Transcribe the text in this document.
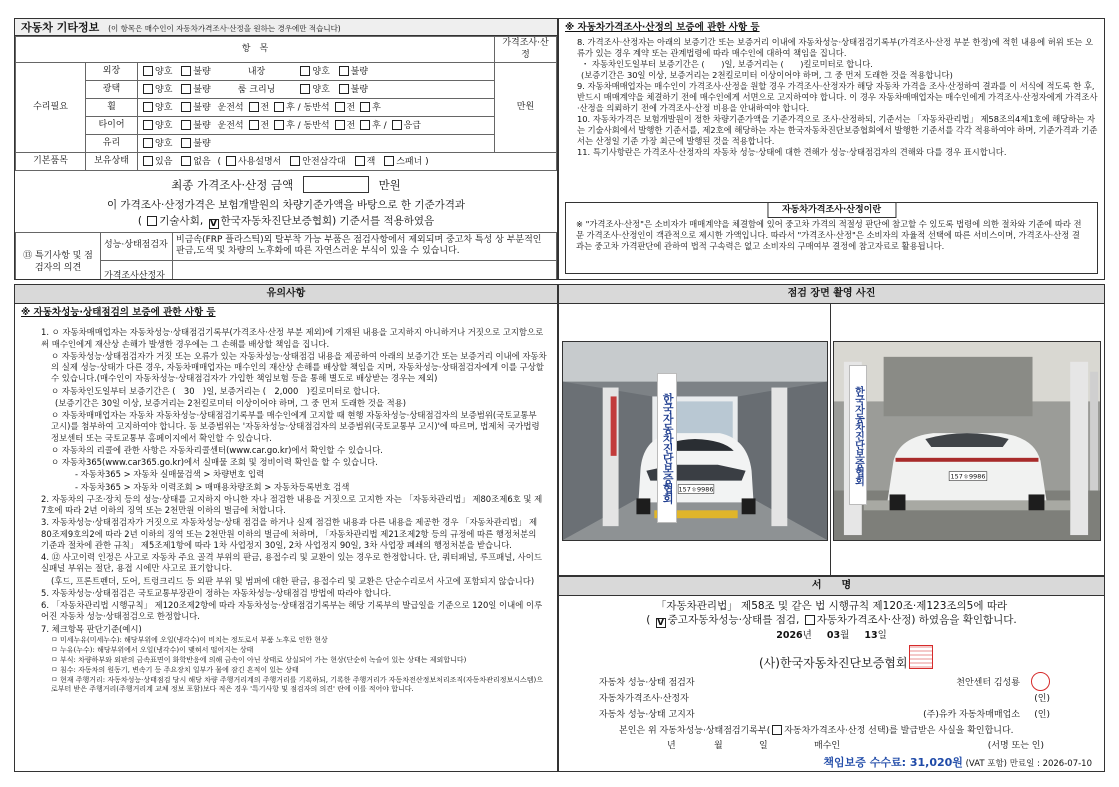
자동차 기타정보 (이 항목은 매수인이 자동차가격조사·산정을 원하는 경우에만 적습니다)
항　목			가격조사·산정
수리필요	외장	양호 불량 내장 양호 불량	만원
	광택	양호 불량 룸 크리닝 양호 불량	
	휠	양호 불량 운전석 전 후 / 동반석 전 후	
	타이어	양호 불량 운전석 전 후 / 동반석 전 후 / 응급	
	유리	양호 불량	
기본품목	보유상태	있음 없음 ( 사용설명서 안전삼각대 잭 스패너 )	
최종 가격조사·산정 금액	만원
이 가격조사·산정가격은 보험개발원의 차량기준가액을 바탕으로 한 기준가격과
( 기술사회, V 한국자동차진단보증협회) 기준서를 적용하였음
⑬ 특기사항 및 점검자의 의견	성능·상태점검자	비금속(FRP 플라스틱)외 탈부착 가능 부품은 점검사항에서 제외되며 중고차 특성 상 부분적인 판금,도색 및 차량의 노후화에 따른 자연스러운 부식이 있을 수 있습니다.
	가격조사산정자	
※ 자동차가격조사·산정의 보증에 관한 사항 등

8. 가격조사·산정자는 아래의 보증기간 또는 보증거리 이내에 자동차성능·상태점검기록부(가격조사·산정 부분 한정)에 적힌 내용에 허위 또는 오류가 있는 경우 계약 또는 관계법령에 따라 매수인에 대하여 책임을 집니다.

・ 자동차인도일부터 보증기간은 (　　)일, 보증거리는 (　　)킬로미터로 합니다.

(보증기간은 30일 이상, 보증거리는 2천킬로미터 이상이어야 하며, 그 중 먼저 도래한 것을 적용합니다)

9. 자동차매매업자는 매수인이 가격조사·산정을 원할 경우 가격조사·산정자가 해당 자동차 가격을 조사·산정하여 결과를 이 서식에 적도록 한 후, 반드시 매매계약을 체결하기 전에 매수인에게 서면으로 고지하여야 합니다. 이 경우 자동차매매업자는 매수인에게 가격조사·산정자에게 가격조사·산정을 의뢰하기 전에 가격조사·산정 비용을 안내하여야 합니다.

10. 자동차가격은 보험개발원이 정한 차량기준가액을 기준가격으로 조사·산정하되, 기준서는 「자동차관리법」 제58조의4제1호에 해당하는 자는 기술사회에서 발행한 기준서를, 제2호에 해당하는 자는 한국자동차진단보증협회에서 발행한 기준서를 각각 적용하여야 하며, 기준가격과 기준서는 산정일 기준 가장 최근에 발행된 것을 적용합니다.

11. 특기사항란은 가격조사·산정자의 자동차 성능·상태에 대한 견해가 성능·상태점검자의 견해와 다를 경우 표시합니다.

자동차가격조사·산정이란
※ "가격조사·산정"은 소비자가 매매계약을 체결함에 있어 중고차 가격의 적절성 판단에 참고할 수 있도록 법령에 의한 절차와 기준에 따라 전문 가격조사·산정인이 객관적으로 제시한 가액입니다. 따라서 "가격조사·산정"은 소비자의 자율적 선택에 따른 서비스이며, 가격조사·산정 결과는 중고차 가격판단에 관하여 법적 구속력은 없고 소비자의 구매여부 결정에 참고자료로 활용됩니다.
유의사항
※ 자동차성능·상태점검의 보증에 관한 사항 등

1. ㅇ 자동차매매업자는 자동차성능·상태점검기록부(가격조사·산정 부분 제외)에 기재된 내용을 고지하지 아니하거나 거짓으로 고지함으로써 매수인에게 재산상 손해가 발생한 경우에는 그 손해를 배상할 책임을 집니다.

ㅇ 자동차성능·상태점검자가 거짓 또는 오류가 있는 자동차성능·상태점검 내용을 제공하여 아래의 보증기간 또는 보증거리 이내에 자동차의 실제 성능·상태가 다른 경우, 자동차매매업자는 매수인의 재산상 손해를 배상할 책임을 지며, 자동차성능·상태점검자에게 이를 구상할 수 있습니다.(매수인이 자동차성능·상태점검자가 가입한 책임보험 등을 통해 별도로 배상받는 경우는 제외)

ㅇ 자동차인도일부터 보증기간은 (　30　)일, 보증거리는 (　2,000　)킬로미터로 합니다.

(보증기간은 30일 이상, 보증거리는 2천킬로미터 이상이어야 하며, 그 중 먼저 도래한 것을 적용)

ㅇ 자동차매매업자는 자동차 자동차성능·상태점검기록부를 매수인에게 고지할 때 현행 자동차성능·상태점검자의 보증범위(국토교통부 고시)를 첨부하여 고지하여야 합니다. 동 보증범위는 '자동차성능·상태점검자의 보증범위(국토교통부 고시)'에 따르며, 법제처 국가법령정보센터 또는 국토교통부 홈페이지에서 확인할 수 있습니다.

ㅇ 자동차의 리콜에 관한 사항은 자동차리콜센터(www.car.go.kr)에서 확인할 수 있습니다.

ㅇ 자동차365(www.car365.go.kr)에서 실매물 조회 및 정비이력 확인을 할 수 있습니다.

- 자동차365 > 자동차 실매물검색 > 차량번호 입력

- 자동차365 > 자동차 이력조회 > 매매용차량조회 > 자동차등록번호 검색

2. 자동차의 구조·장치 등의 성능·상태를 고지하지 아니한 자나 점검한 내용을 거짓으로 고지한 자는 「자동차관리법」 제80조제6호 및 제7호에 따라 2년 이하의 징역 또는 2천만원 이하의 벌금에 처합니다.

3. 자동차성능·상태점검자가 거짓으로 자동차성능·상태 점검을 하거나 실제 점검한 내용과 다른 내용을 제공한 경우 「자동차관리법」 제80조제9호의2에 따라 2년 이하의 징역 또는 2천만원 이하의 벌금에 처하며, 「자동차관리법 제21조제2항 등의 규정에 따른 행정처분의 기준과 절차에 관한 규칙」 제5조제1항에 따라 1차 사업정지 30일, 2차 사업정지 90일, 3차 사업장 폐쇄의 행정처분을 받습니다.

4. ⑫ 사고이력 인정은 사고로 자동차 주요 골격 부위의 판금, 용접수리 및 교환이 있는 경우로 한정합니다. 단, 쿼터패널, 루프패널, 사이드실패널 부위는 절단, 용접 시에만 사고로 표기합니다.

(후드, 프론트펜더, 도어, 트렁크리드 등 외판 부위 및 범퍼에 대한 판금, 용접수리 및 교환은 단순수리로서 사고에 포함되지 않습니다)

5. 자동차성능·상태점검은 국토교통부장관이 정하는 자동차성능·상태점검 방법에 따라야 합니다.

6. 「자동차관리법 시행규칙」 제120조제2항에 따라 자동차성능·상태점검기록부는 해당 기록부의 발급일을 기준으로 120일 이내에 이루어진 자동차 성능·상태점검으로 한정합니다.

7. 체크항목 판단기준(예시)

ㅁ 미세누유(미세누수): 해당부위에 오일(냉각수)이 비치는 정도로서 부품 노후로 인한 현상

ㅁ 누유(누수): 해당부위에서 오일(냉각수)이 맺혀서 떨어지는 상태

ㅁ 부식: 차량하부와 외판의 금속표면이 화학반응에 의해 금속이 아닌 상태로 상실되어 가는 현상(단순히 녹슬어 있는 상태는 제외합니다)

ㅁ 침수: 자동차의 원동기, 변속기 등 주요장치 일부가 물에 잠긴 흔적이 있는 상태

ㅁ 현재 주행거리: 자동차성능·상태점검 당시 해당 차량 주행거리계의 주행거리를 기록하되, 기록한 주행거리가 자동차전산정보처리조직(자동차관리정보시스템)으로부터 받은 주행거리(주행거리계 교체 정보 포함)보다 적은 경우 '특기사항 및 점검자의 의견' 란에 이를 적어야 합니다.

점검 장면 촬영 사진
157ㅎ9986
157ㅎ9986
한국자동차진단보증협회	한국자동차진단보증협회
서　　명
「자동차관리법」 제58조 및 같은 법 시행규칙 제120조·제123조의5에 따라
( V 중고자동차성능·상태를 점검, 자동차가격조사·산정) 하였음을 확인합니다.
2026년 03월 13일
(사)한국자동차진단보증협회
자동차 성능·상태 점검자	천안센터 김성룡
자동차가격조사·산정자	(인)
자동차 성능·상태 고지자	(주)유카 자동차매매업소 (인)
본인은 위 자동차성능·상태점검기록부( 자동차가격조사·산정 선택)를 발급받은 사실을 확인합니다.
년	월	일	매수인	(서명 또는 인)
책임보증 수수료: 31,020원 (VAT 포함) 만료일 : 2026-07-10
